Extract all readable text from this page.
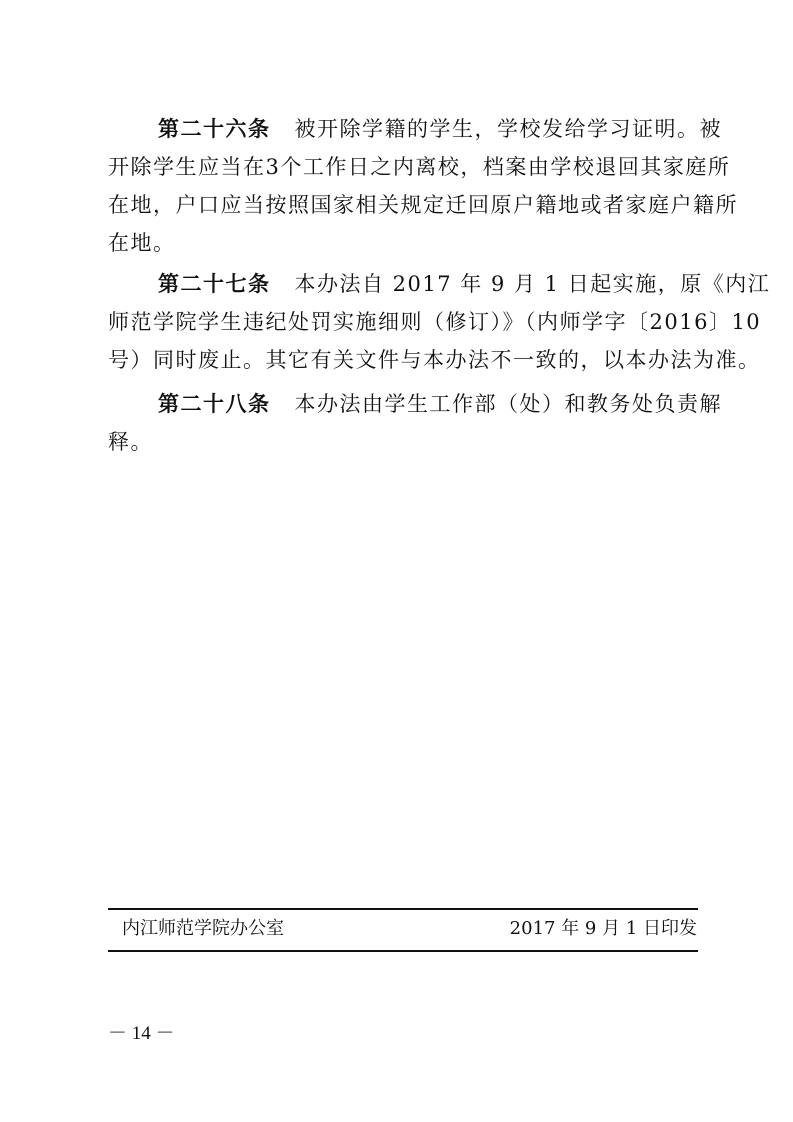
第二十六条 被开除学籍的学生，学校发给学习证明。被
开除学生应当在3个工作日之内离校，档案由学校退回其家庭所
在地，户口应当按照国家相关规定迁回原户籍地或者家庭户籍所
在地。
第二十七条 本办法自 2017 年 9 月 1 日起实施，原《内江
师范学院学生违纪处罚实施细则（修订）》（内师学字〔2016〕10
号）同时废止。其它有关文件与本办法不一致的，以本办法为准。
第二十八条 本办法由学生工作部（处）和教务处负责解
释。
内江师范学院办公室	2017 年 9 月 1 日印发
－ 14 －
